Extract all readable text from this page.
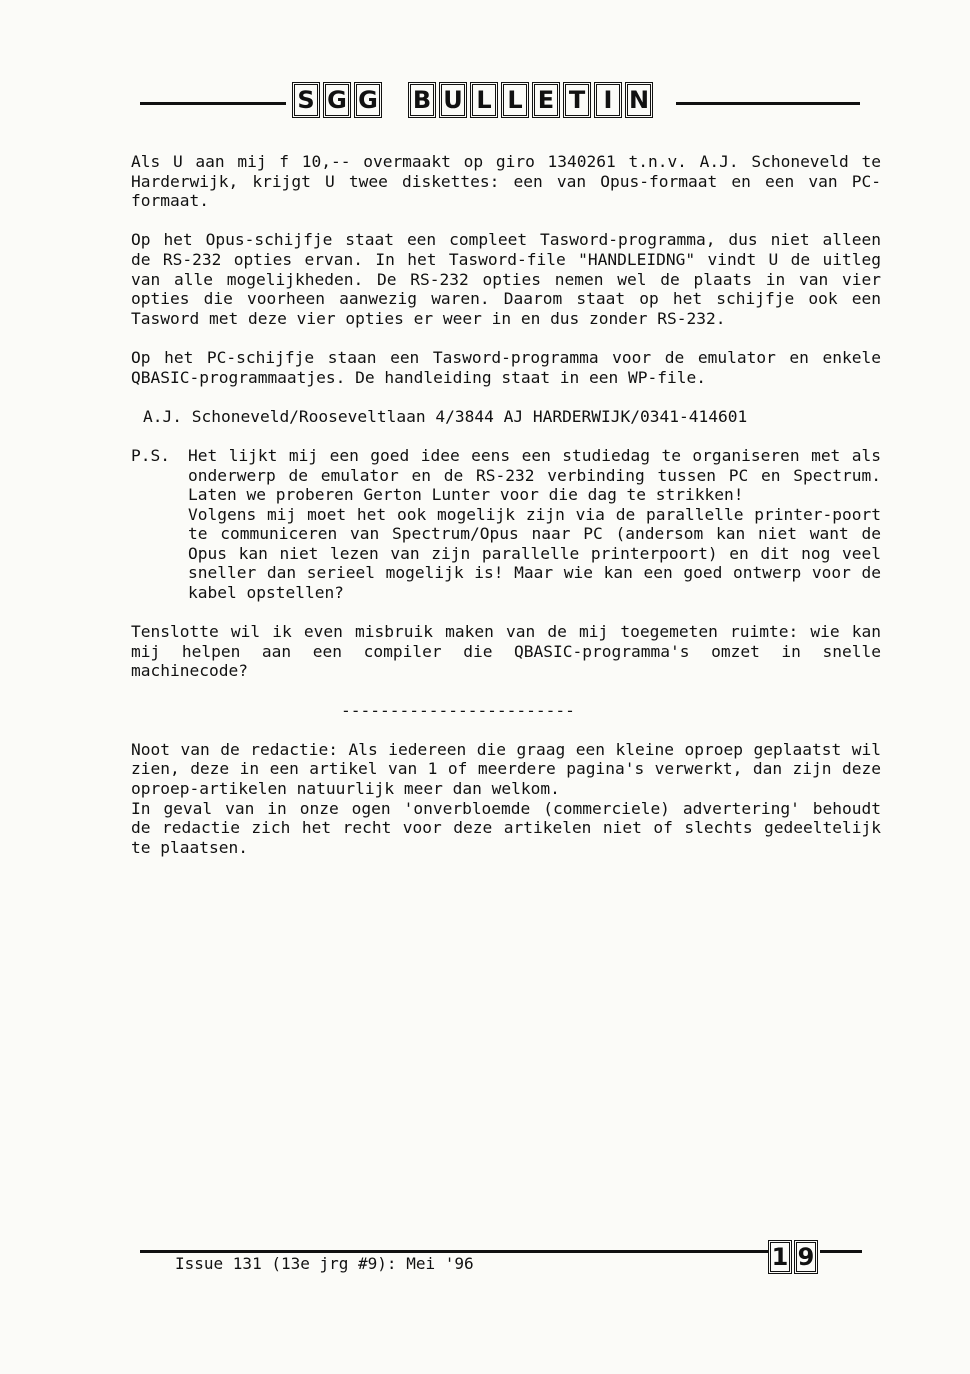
S G G B U L L E T I N

Als U aan mij f 10,-- overmaakt op giro 1340261 t.n.v. A.J. Schoneveld te Harderwijk, krijgt U twee diskettes: een van Opus-formaat en een van PC-formaat.

Op het Opus-schijfje staat een compleet Tasword-programma, dus niet alleen de RS-232 opties ervan. In het Tasword-file "HANDLEIDNG" vindt U de uitleg van alle mogelijkheden. De RS-232 opties nemen wel de plaats in van vier opties die voorheen aanwezig waren. Daarom staat op het schijfje ook een Tasword met deze vier opties er weer in en dus zonder RS-232.

Op het PC-schijfje staan een Tasword-programma voor de emulator en enkele QBASIC-programmaatjes. De handleiding staat in een WP-file.

A.J. Schoneveld/Rooseveltlaan 4/3844 AJ HARDERWIJK/0341-414601

P.S.	Het lijkt mij een goed idee eens een studiedag te organiseren met als onderwerp de emulator en de RS-232 verbinding tussen PC en Spectrum. Laten we proberen Gerton Lunter voor die dag te strikken!

Volgens mij moet het ook mogelijk zijn via de parallelle printer-poort te communiceren van Spectrum/Opus naar PC (andersom kan niet want de Opus kan niet lezen van zijn parallelle printerpoort) en dit nog veel sneller dan serieel mogelijk is! Maar wie kan een goed ontwerp voor de kabel opstellen?

Tenslotte wil ik even misbruik maken van de mij toegemeten ruimte: wie kan mij helpen aan een compiler die QBASIC-programma's omzet in snelle machinecode?

------------------------

Noot van de redactie: Als iedereen die graag een kleine oproep geplaatst wil zien, deze in een artikel van 1 of meerdere pagina's verwerkt, dan zijn deze oproep-artikelen natuurlijk meer dan welkom.

In geval van in onze ogen 'onverbloemde (commerciele) advertering' behoudt de redactie zich het recht voor deze artikelen niet of slechts gedeeltelijk te plaatsen.

Issue 131 (13e jrg #9): Mei '96	1 9
